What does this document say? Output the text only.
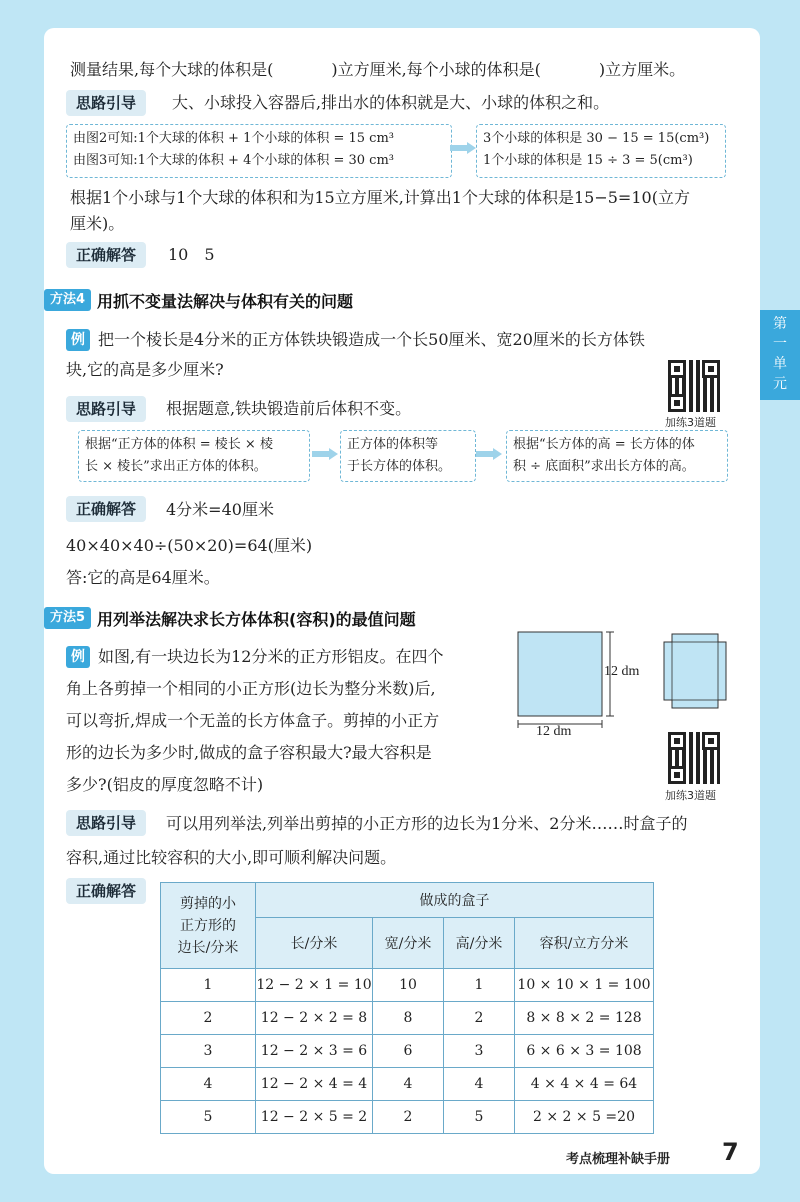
第
一
单
元
测量结果,每个大球的体积是(	)立方厘米,每个小球的体积是(	)立方厘米。
思路引导	大、小球投入容器后,排出水的体积就是大、小球的体积之和。
由图2可知:1个大球的体积 + 1个小球的体积 = 15 cm³
由图3可知:1个大球的体积 + 4个小球的体积 = 30 cm³
3个小球的体积是 30 − 15 = 15(cm³)
1个小球的体积是 15 ÷ 3 = 5(cm³)
根据1个小球与1个大球的体积和为15立方厘米,计算出1个大球的体积是15−5=10(立方
厘米)。
正确解答	10　5
方法4 用抓不变量法解决与体积有关的问题
例 把一个棱长是4分米的正方体铁块锻造成一个长50厘米、宽20厘米的长方体铁
块,它的高是多少厘米?
加练3道题
思路引导	根据题意,铁块锻造前后体积不变。
根据“正方体的体积 = 棱长 × 棱
长 × 棱长”求出正方体的体积。
正方体的体积等
于长方体的体积。
根据“长方体的高 = 长方体的体
积 ÷ 底面积”求出长方体的高。
正确解答	4分米=40厘米
40×40×40÷(50×20)=64(厘米)
答:它的高是64厘米。
方法5 用列举法解决求长方体体积(容积)的最值问题
例 如图,有一块边长为12分米的正方形铝皮。在四个
角上各剪掉一个相同的小正方形(边长为整分米数)后,
可以弯折,焊成一个无盖的长方体盒子。剪掉的小正方
形的边长为多少时,做成的盒子容积最大?最大容积是
多少?(铝皮的厚度忽略不计)
12 dm
12 dm
加练3道题
思路引导	可以用列举法,列举出剪掉的小正方形的边长为1分米、2分米……时盒子的
容积,通过比较容积的大小,即可顺利解决问题。
正确解答
剪掉的小
正方形的
边长/分米	做成的盒子			
	长/分米	宽/分米	高/分米	容积/立方分米
1	12 − 2 × 1 = 10	10	1	10 × 10 × 1 = 100
2	12 − 2 × 2 = 8	8	2	8 × 8 × 2 = 128
3	12 − 2 × 3 = 6	6	3	6 × 6 × 3 = 108
4	12 − 2 × 4 = 4	4	4	4 × 4 × 4 = 64
5	12 − 2 × 5 = 2	2	5	2 × 2 × 5 =20
考点梳理补缺手册 7
